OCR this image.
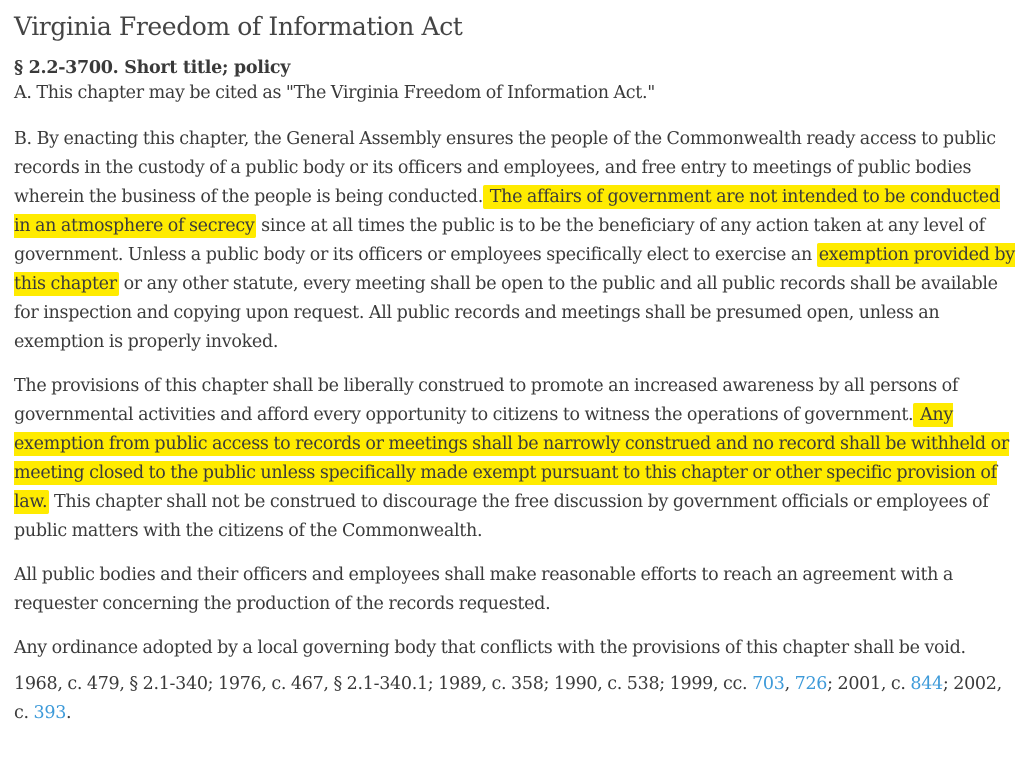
Virginia Freedom of Information Act
§ 2.2-3700. Short title; policy

A. This chapter may be cited as "The Virginia Freedom of Information Act."

B. By enacting this chapter, the General Assembly ensures the people of the Commonwealth ready access to public records in the custody of a public body or its officers and employees, and free entry to meetings of public bodies wherein the business of the people is being conducted. The affairs of government are not intended to be conducted in an atmosphere of secrecy since at all times the public is to be the beneficiary of any action taken at any level of government. Unless a public body or its officers or employees specifically elect to exercise an exemption provided by this chapter or any other statute, every meeting shall be open to the public and all public records shall be available for inspection and copying upon request. All public records and meetings shall be presumed open, unless an exemption is properly invoked.

The provisions of this chapter shall be liberally construed to promote an increased awareness by all persons of governmental activities and afford every opportunity to citizens to witness the operations of government. Any exemption from public access to records or meetings shall be narrowly construed and no record shall be withheld or meeting closed to the public unless specifically made exempt pursuant to this chapter or other specific provision of law. This chapter shall not be construed to discourage the free discussion by government officials or employees of public matters with the citizens of the Commonwealth.

All public bodies and their officers and employees shall make reasonable efforts to reach an agreement with a requester concerning the production of the records requested.

Any ordinance adopted by a local governing body that conflicts with the provisions of this chapter shall be void.

1968, c. 479, § 2.1-340; 1976, c. 467, § 2.1-340.1; 1989, c. 358; 1990, c. 538; 1999, cc. 703, 726; 2001, c. 844; 2002, c. 393.
